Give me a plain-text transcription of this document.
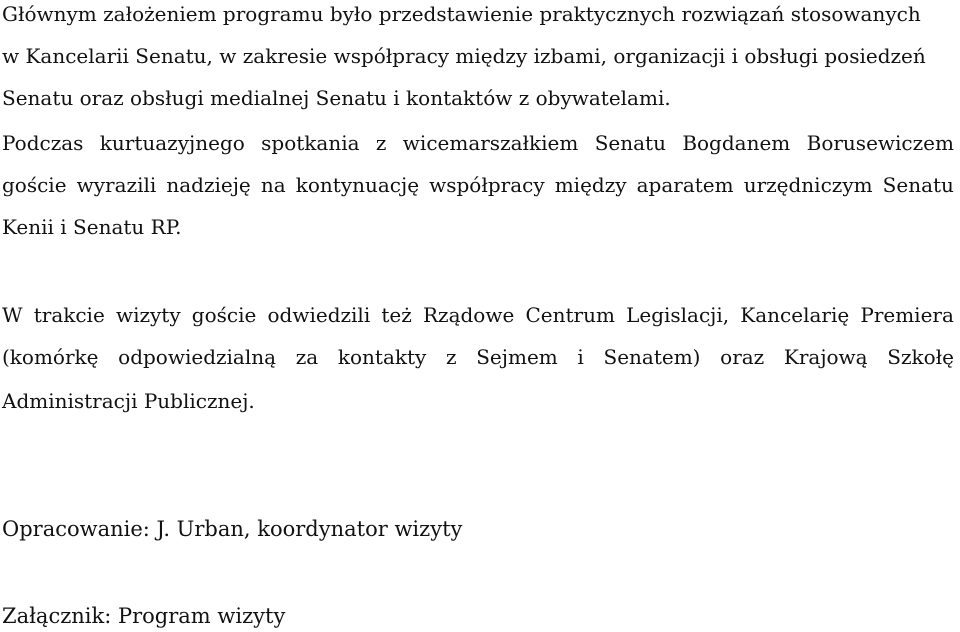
Głównym założeniem programu było przedstawienie praktycznych rozwiązań stosowanych
w Kancelarii Senatu, w zakresie współpracy między izbami, organizacji i obsługi posiedzeń
Senatu oraz obsługi medialnej Senatu i kontaktów z obywatelami.
Podczas kurtuazyjnego spotkania z wicemarszałkiem Senatu Bogdanem Borusewiczem
goście wyrazili nadzieję na kontynuację współpracy między aparatem urzędniczym Senatu
Kenii i Senatu RP.
W trakcie wizyty goście odwiedzili też Rządowe Centrum Legislacji, Kancelarię Premiera
(komórkę odpowiedzialną za kontakty z Sejmem i Senatem) oraz Krajową Szkołę
Administracji Publicznej.
Opracowanie: J. Urban, koordynator wizyty
Załącznik: Program wizyty
